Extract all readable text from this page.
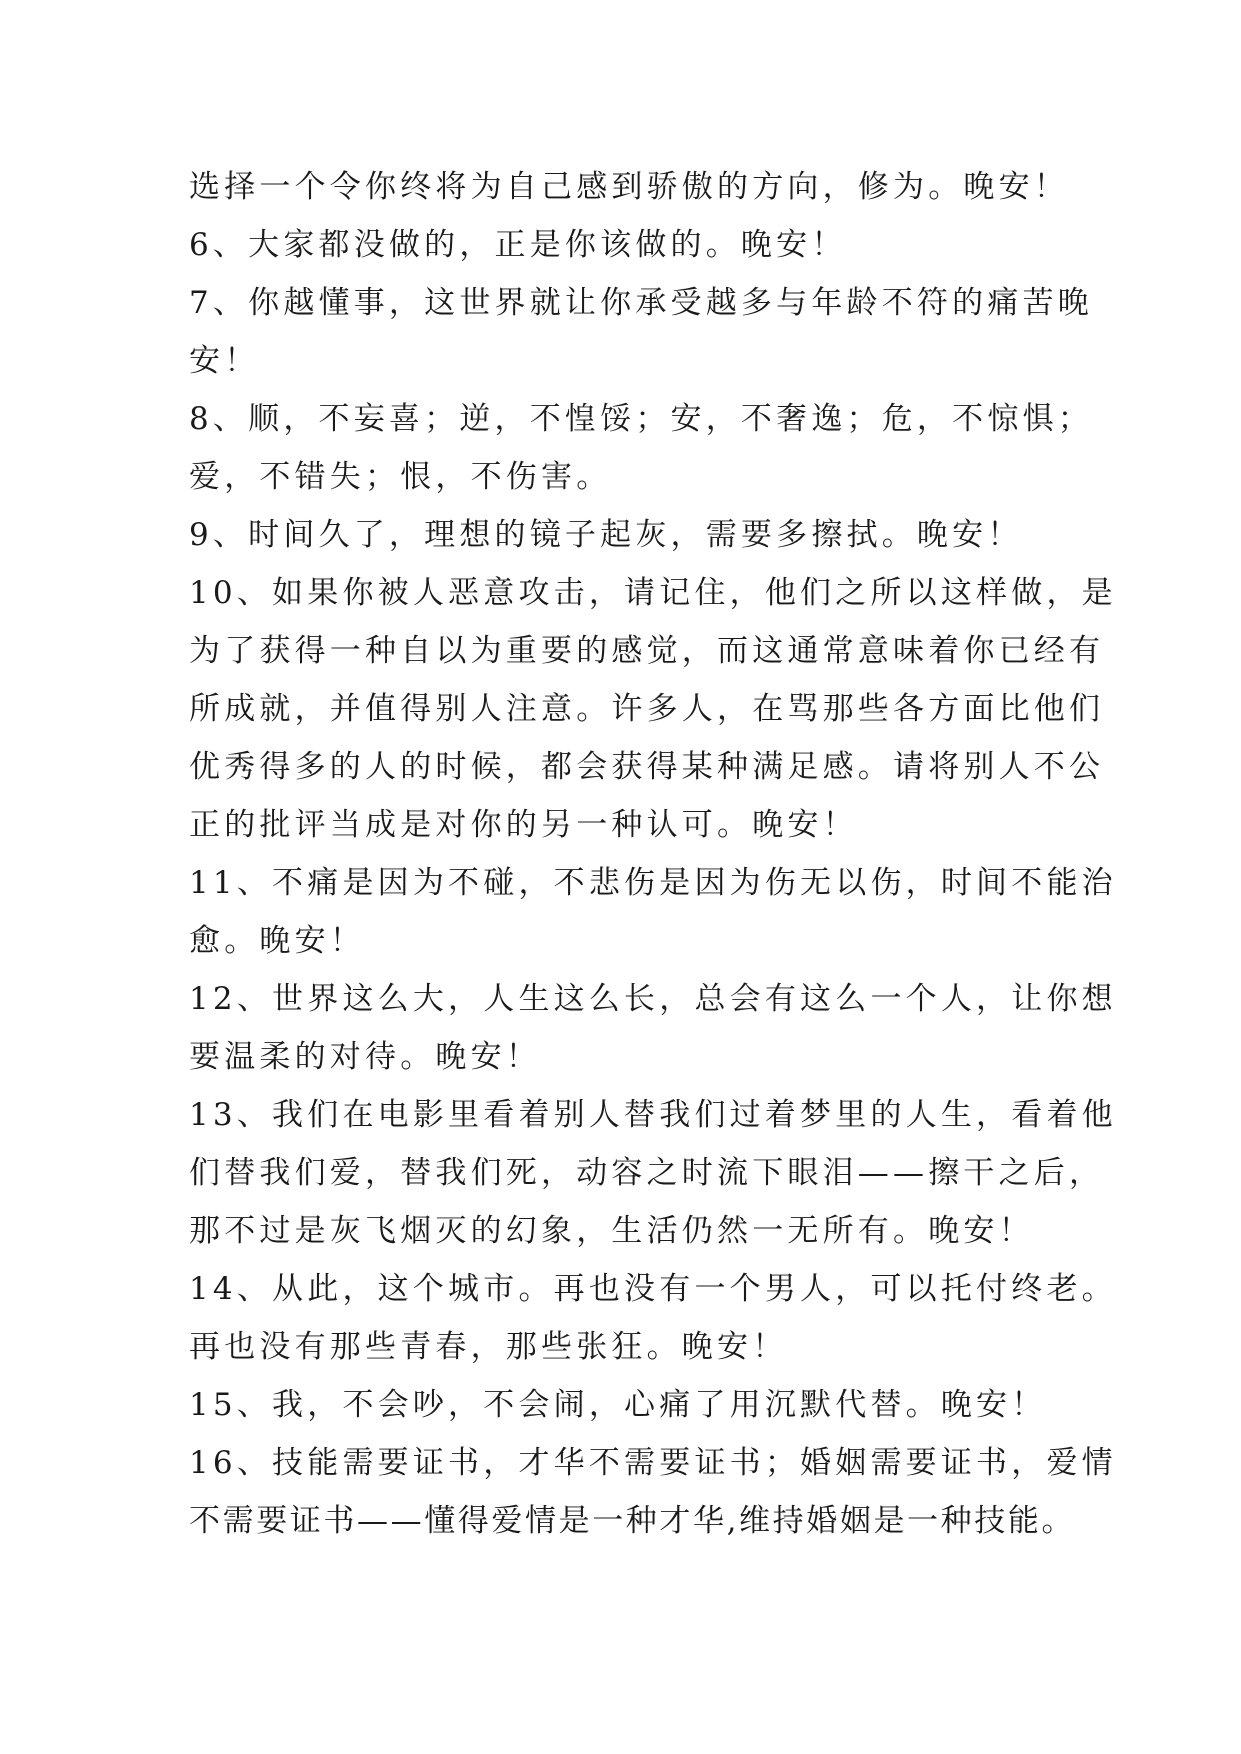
选择一个令你终将为自己感到骄傲的方向，修为。晚安！
6、大家都没做的，正是你该做的。晚安！
7、你越懂事，这世界就让你承受越多与年龄不符的痛苦晚
安！
8、顺，不妄喜；逆，不惶馁；安，不奢逸；危，不惊惧；
爱，不错失；恨，不伤害。
9、时间久了，理想的镜子起灰，需要多擦拭。晚安！
10、如果你被人恶意攻击，请记住，他们之所以这样做，是
为了获得一种自以为重要的感觉，而这通常意味着你已经有
所成就，并值得别人注意。许多人，在骂那些各方面比他们
优秀得多的人的时候，都会获得某种满足感。请将别人不公
正的批评当成是对你的另一种认可。晚安！
11、不痛是因为不碰，不悲伤是因为伤无以伤，时间不能治
愈。晚安！
12、世界这么大，人生这么长，总会有这么一个人，让你想
要温柔的对待。晚安！
13、我们在电影里看着别人替我们过着梦里的人生，看着他
们替我们爱，替我们死，动容之时流下眼泪——擦干之后，
那不过是灰飞烟灭的幻象，生活仍然一无所有。晚安！
14、从此，这个城市。再也没有一个男人，可以托付终老。
再也没有那些青春，那些张狂。晚安！
15、我，不会吵，不会闹，心痛了用沉默代替。晚安！
16、技能需要证书，才华不需要证书；婚姻需要证书，爱情
不需要证书——懂得爱情是一种才华,维持婚姻是一种技能。
